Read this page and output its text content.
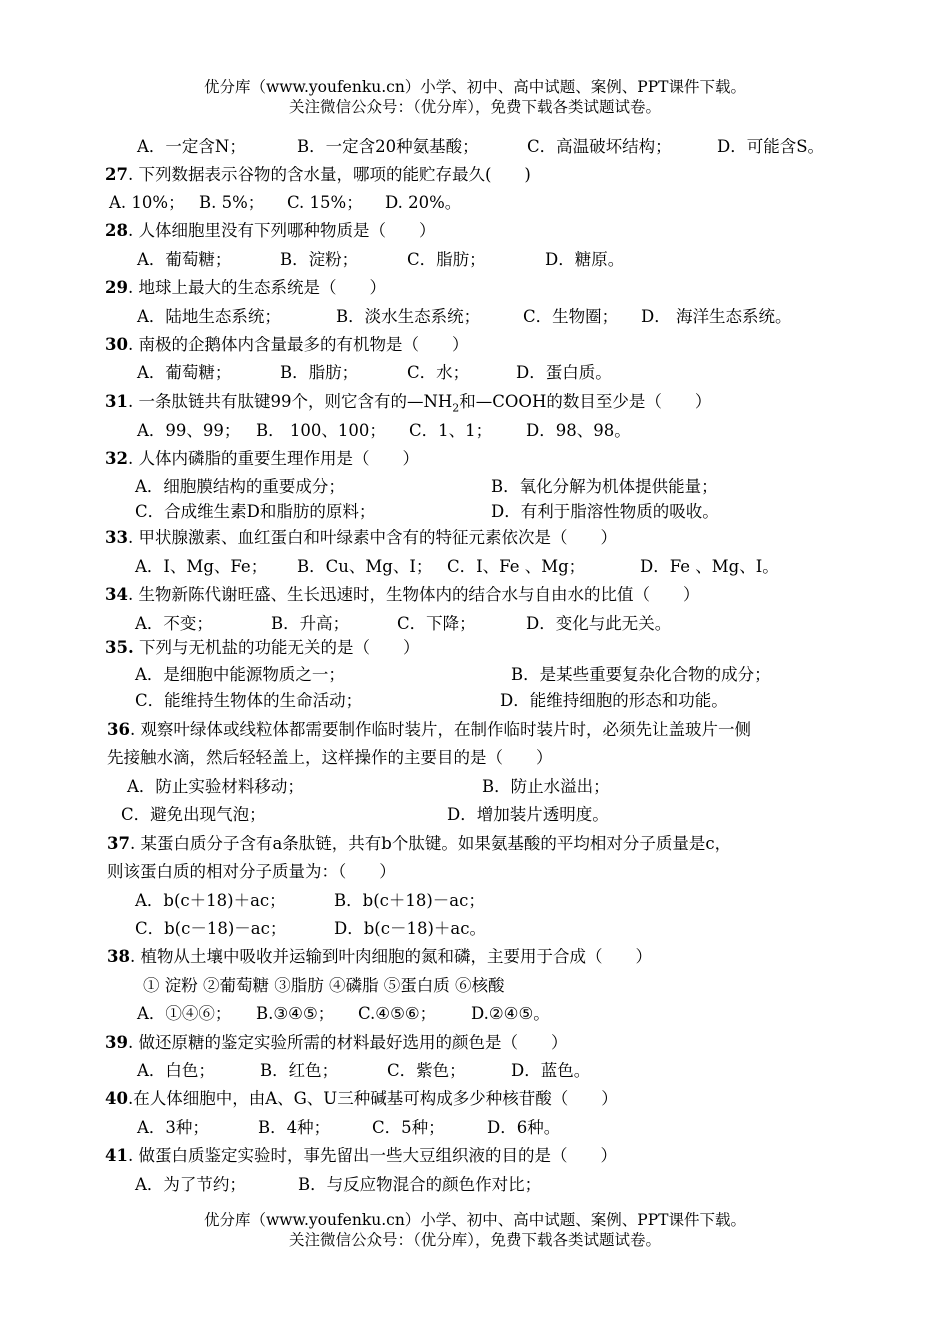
优分库（www.youfenku.cn）小学、初中、高中试题、案例、PPT课件下载。
关注微信公众号：（优分库），免费下载各类试题试卷。
A．一定含N；	B．一定含20种氨基酸；	C．高温破坏结构；	D．可能含S。
27. 下列数据表示谷物的含水量，哪项的能贮存最久(　　)
A. 10%； B. 5%； C. 15%； D. 20%。
28. 人体细胞里没有下列哪种物质是（　　）
A．葡萄糖；	B．淀粉；	C．脂肪；	D．糖原。
29. 地球上最大的生态系统是（　　）
A．陆地生态系统；	B．淡水生态系统；	C．生物圈； D． 海洋生态系统。
30. 南极的企鹅体内含量最多的有机物是（　　）
A．葡萄糖；	B．脂肪；	C．水；	D．蛋白质。
31. 一条肽链共有肽键99个，则它含有的$—NH_2$和—COOH的数目至少是（　　）
A．99、99； B． 100、100； C．1、1； D．98、98。
32. 人体内磷脂的重要生理作用是（　　）
A．细胞膜结构的重要成分；	B．氧化分解为机体提供能量；
C．合成维生素D和脂肪的原料；	D．有利于脂溶性物质的吸收。
33. 甲状腺激素、血红蛋白和叶绿素中含有的特征元素依次是（　　）
A．I、Mg、Fe； B．Cu、Mg、I； C．I、Fe 、Mg；	D．Fe 、Mg、I。
34. 生物新陈代谢旺盛、生长迅速时，生物体内的结合水与自由水的比值（　　）
A．不变；	B．升高；	C．下降；	D．变化与此无关。
35. 下列与无机盐的功能无关的是（　　）
A．是细胞中能源物质之一；	B．是某些重要复杂化合物的成分；
C．能维持生物体的生命活动；	D．能维持细胞的形态和功能。
36. 观察叶绿体或线粒体都需要制作临时装片，在制作临时装片时，必须先让盖玻片一侧
先接触水滴，然后轻轻盖上，这样操作的主要目的是（　　）
A．防止实验材料移动；	B．防止水溢出；
C．避免出现气泡；	D．增加装片透明度。
37. 某蛋白质分子含有a条肽链，共有b个肽键。如果氨基酸的平均相对分子质量是c，
则该蛋白质的相对分子质量为：（　　）
A．b(c＋18)＋ac；	B．b(c＋18)－ac；
C．b(c－18)－ac；	D．b(c－18)＋ac。
38. 植物从土壤中吸收并运输到叶肉细胞的氮和磷，主要用于合成（　　）
① 淀粉 ②葡萄糖 ③脂肪 ④磷脂 ⑤蛋白质 ⑥核酸
A．①④⑥； B.③④⑤； C.④⑤⑥； D.②④⑤。
39. 做还原糖的鉴定实验所需的材料最好选用的颜色是（　　）
A．白色；	B．红色；	C．紫色；	D．蓝色。
40.在人体细胞中，由A、G、U三种碱基可构成多少种核苷酸（　　）
A．3种；	B．4种；	C．5种；	D．6种。
41. 做蛋白质鉴定实验时，事先留出一些大豆组织液的目的是（　　）
A．为了节约；	B．与反应物混合的颜色作对比；
优分库（www.youfenku.cn）小学、初中、高中试题、案例、PPT课件下载。
关注微信公众号：（优分库），免费下载各类试题试卷。
